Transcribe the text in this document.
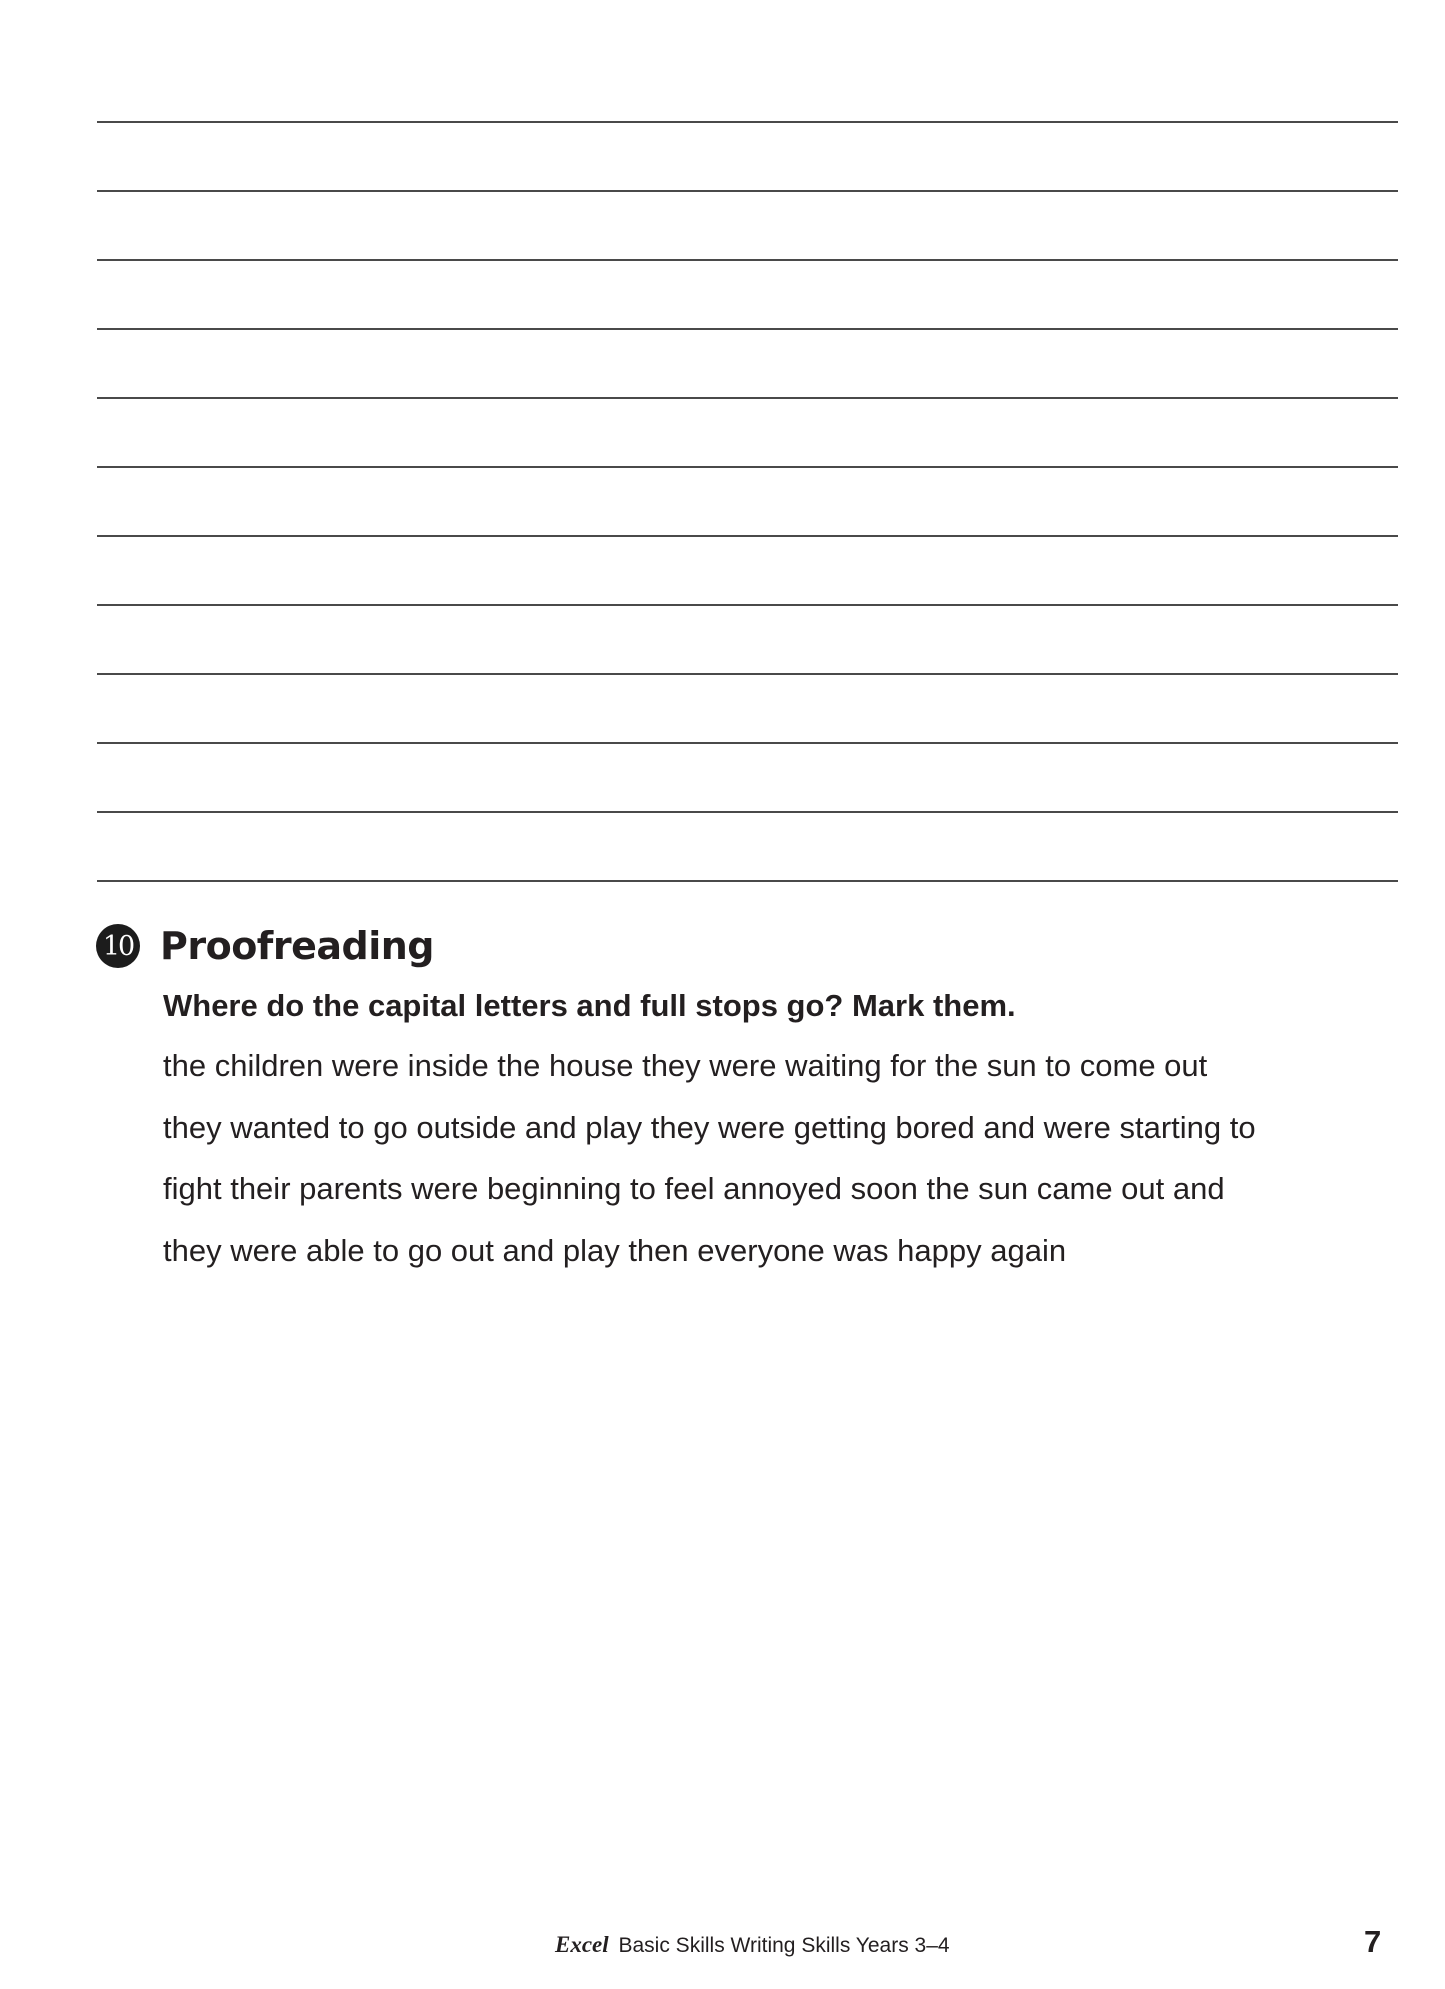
10 Proofreading
Where do the capital letters and full stops go? Mark them.
the children were inside the house they were waiting for the sun to come out
they wanted to go outside and play they were getting bored and were starting to
fight their parents were beginning to feel annoyed soon the sun came out and
they were able to go out and play then everyone was happy again
Excel Basic Skills Writing Skills Years 3–4	7
